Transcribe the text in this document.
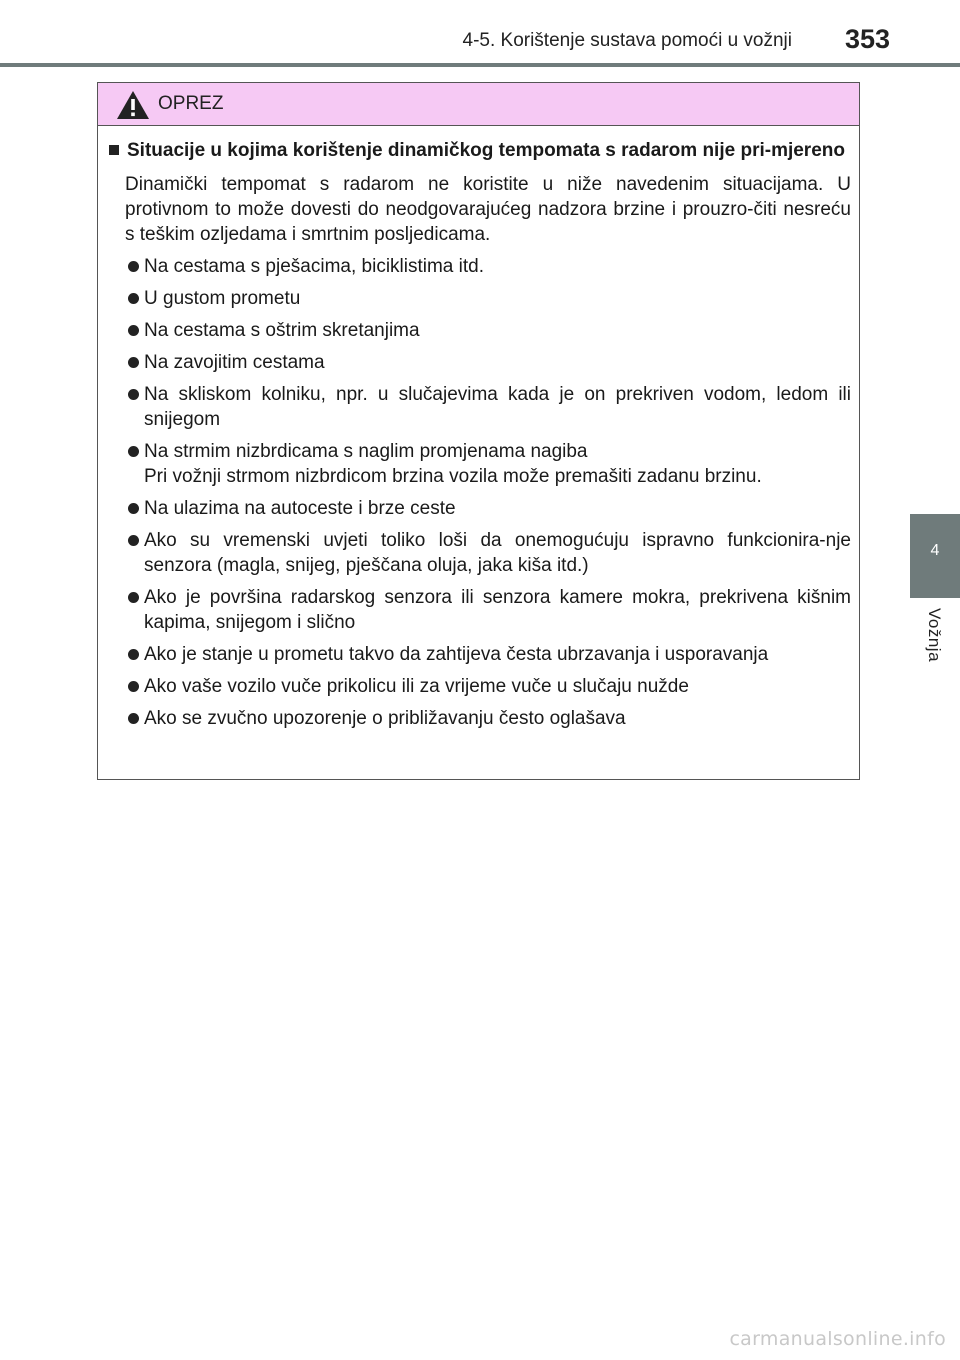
4-5. Korištenje sustava pomoći u vožnji 353
4
Vožnja
OPREZ
Situacije u kojima korištenje dinamičkog tempomata s radarom nije pri-mjereno
Dinamički tempomat s radarom ne koristite u niže navedenim situacijama. U protivnom to može dovesti do neodgovarajućeg nadzora brzine i prouzro-čiti nesreću s teškim ozljedama i smrtnim posljedicama.
Na cestama s pješacima, biciklistima itd.
U gustom prometu
Na cestama s oštrim skretanjima
Na zavojitim cestama
Na skliskom kolniku, npr. u slučajevima kada je on prekriven vodom, ledom ili snijegom
Na strmim nizbrdicama s naglim promjenama nagiba
Pri vožnji strmom nizbrdicom brzina vozila može premašiti zadanu brzinu.
Na ulazima na autoceste i brze ceste
Ako su vremenski uvjeti toliko loši da onemogućuju ispravno funkcionira-nje senzora (magla, snijeg, pješčana oluja, jaka kiša itd.)
Ako je površina radarskog senzora ili senzora kamere mokra, prekrivena kišnim kapima, snijegom i slično
Ako je stanje u prometu takvo da zahtijeva česta ubrzavanja i usporavanja
Ako vaše vozilo vuče prikolicu ili za vrijeme vuče u slučaju nužde
Ako se zvučno upozorenje o približavanju često oglašava
carmanualsonline.info
